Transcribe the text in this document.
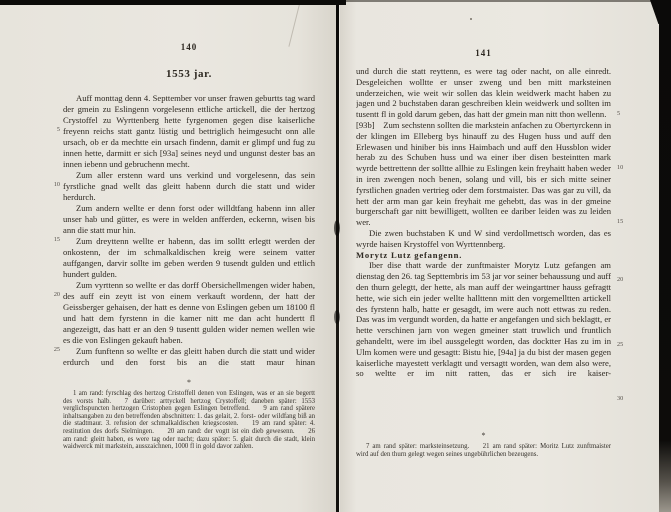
140
1553 jar.

Auff monttag denn 4. Septtember vor unser frawen geburtts tag ward der gmein zu Eslingenn vorgelesenn ettliche artickell, die der hertzog Crystoffel zu Wyrttenberg hette fyrgenomen gegen dise kaiserliche freyenn reichs statt gantz lüstig und bettriglich heimgesucht onn alle ursach, ob er da mechtte ein ursach findenn, damit er glimpf und fug zu innen hette, darmitt er sich [93a] seines neyd und ungunst dester bas an innen iebenn und gebruchenn mecht.

Zum aller erstenn ward uns verkind und vorgelesenn, das sein fyrstliche gnad wellt das gleitt habenn durch die statt und wider herdurch.

Zum andern wellte er denn forst oder willdtfang habenn inn aller unser hab und gütter, es were in welden anfferden, eckernn, wisen bis ann die statt mur hin.

Zum dreyttenn wellte er habenn, das im solltt erlegtt werden der onkostenn, der im schmalkaldischen kreig were seinem vatter auffgangen, darvir sollte im geben werden 9 tusendt gulden und ettlich hundert gulden.

Zum vyrttenn so wellte er das dorff Obersichellmengen wider haben, des auff ein zeytt ist von einem verkauft wordenn, der hatt der Geissberger gehaisen, der hatt es denne von Eslingen geben um 18100 fl und hatt dem fyrstenn in die kamer nitt me dan acht hundertt fl angezeigtt, das hatt er an den 9 tusentt gulden wider nemen wellen wie es die von Eslingen gekauft haben.

Zum funftenn so wellte er das gleitt haben durch die statt und wider erdurch und den forst bis an die statt maur hinan

5
10
15
20
25
*
1 am rand: fyrschlag des hertzog Cristoffell denen von Eslingen, was er an sie begertt des vorsts halb.  7 darüber: arttyckell hertzog Crystoffell; daneben später: 1553 verglichspuncten hertzogen Cristophen gegen Eslingen betreffend.  9 am rand spätere inhaltsangaben zu den betreffenden abschnitten: 1. das gelait, 2. forst- oder wildfang biß an die stadtmaur. 3. refusion der schmalkaldischen kriegscosten.  19 am rand später: 4. restitution des dorfs Sielmingen.  20 am rand: der vogtt ist ein dieb gewesenn.  26 am rand: gleitt haben, es were tag oder nacht; dazu später: 5. glait durch die stadt, klein waidwerck mit markstein, ausszaichnen, 1000 fl in gold davor zahlen.
141

und durch die statt reyttenn, es were tag oder nacht, on alle einredt. Desgeleichen wolltte er unser zweng und ben mitt marksteinen underzeichen, wie weit wir sollen das klein weidwerk macht haben zu jagen und 2 buchstaben daran geschreiben klein weidwerk und sollten im tusentt fl in gold darum geben, das hatt der gmein man nitt thon wellenn.

[93b] Zum sechstenn sollten die markstein anfachen zu Obertyrckenn in der klingen im Elleberg bys hinauff zu des Hugen huss und auff den Erlewasen und hiniber bis inns Haimbach und auff den Hussblon wider herab zu des Schuben huss und wa einer iber disen besteintten mark wyrde bettrettenn der solltte allhie zu Eslingen kein freyhaitt haben weder in iren zwengen noch benen, solang und vill, bis er sich mitte seiner fyrstlichen gnaden vertrieg oder dem forstmaister. Das was gar zu vill, da hett der arm man gar kein freyhait me gehebtt, das was in der gmeine burgerschaft gar nitt bewilligett, wollten ee dariber leiden was zu leiden wer.

Die zwen buchstaben K und W sind verdollmettsch worden, das es wyrde haisen Krystoffel von Wyrttennberg.

Morytz Lutz gefangenn.

Iber dise thatt warde der zunftmaister Morytz Lutz gefangen am dienstag den 26. tag Septtembris im 53 jar vor seiner behaussung und auff den thurn gelegtt, der hette, als man auff der weingarttner hauss gefragtt hette, wie sich ein jeder wellte hallttenn mitt den vorgemelltten artickell des fyrstenn halb, hatte er gesagdt, im were auch nott ettwas zu reden. Das was im vergundt worden, da hatte er angefangen und sich beklagtt, er hette verschinen jarn von wegen gmeiner statt truwlich und fruntlich gehandeltt, were im ibel aussgelegtt worden, das docktter Has zu im in Ulm komen were und gesagtt: Bistu hie, [94a] ja du bist der masen gegen kaiserliche mayestett verklagtt und versagtt worden, wan dem also were, so weltte er im nitt ratten, das er sich ire kaiser-

5
10
15
20
25
30
*
7 am rand später: marksteinsetzung.  21 am rand später: Moritz Lutz zunftmaister wird auf den thurn gelegt wegen seines ungebührlichen bezeugens.
